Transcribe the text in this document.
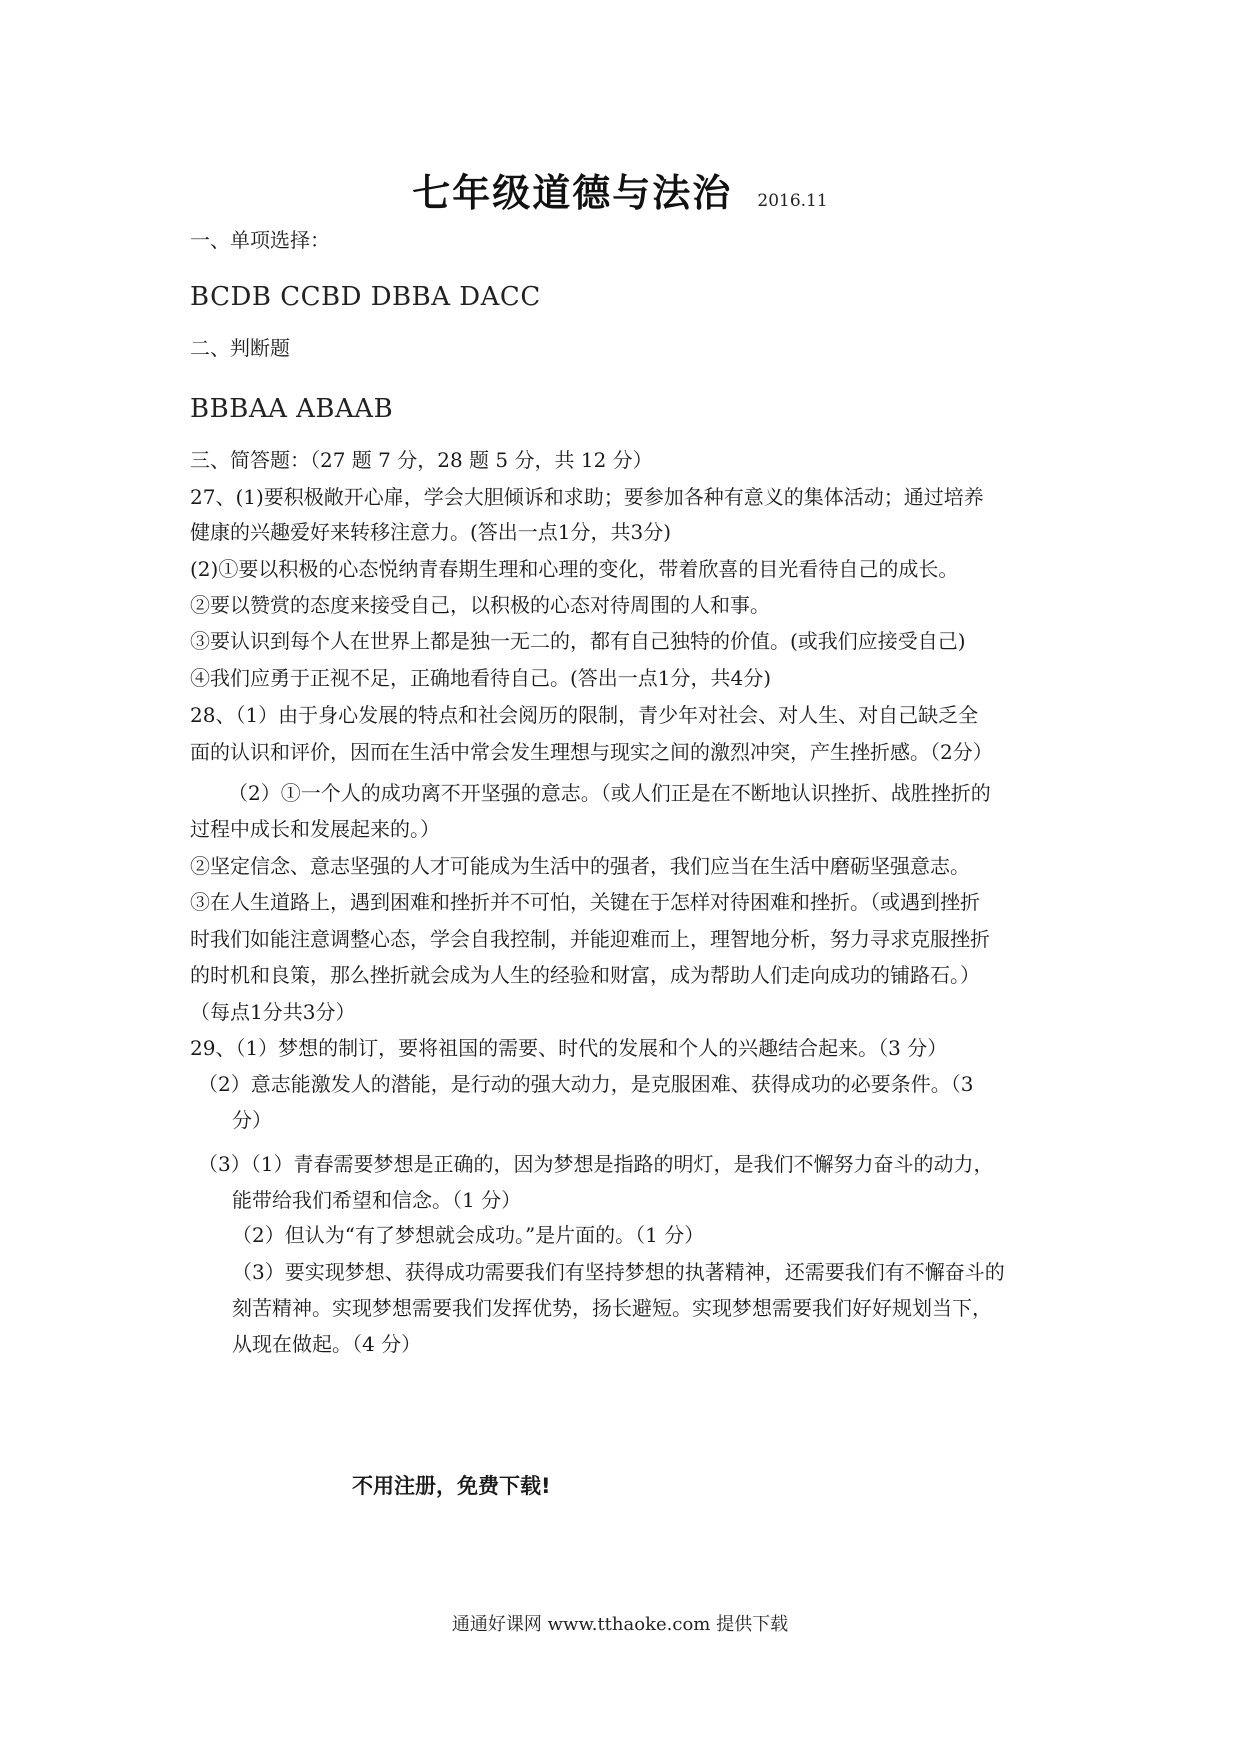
七年级道德与法治 2016.11
一、单项选择：
BCDB CCBD DBBA DACC
二、判断题
BBBAA ABAAB
三、简答题：（27 题 7 分，28 题 5 分，共 12 分）
27、(1)要积极敞开心扉，学会大胆倾诉和求助；要参加各种有意义的集体活动；通过培养
健康的兴趣爱好来转移注意力。(答出一点1分，共3分)
(2)①要以积极的心态悦纳青春期生理和心理的变化，带着欣喜的目光看待自己的成长。
②要以赞赏的态度来接受自己，以积极的心态对待周围的人和事。
③要认识到每个人在世界上都是独一无二的，都有自己独特的价值。(或我们应接受自己)
④我们应勇于正视不足，正确地看待自己。(答出一点1分，共4分)
28、（1）由于身心发展的特点和社会阅历的限制，青少年对社会、对人生、对自己缺乏全
面的认识和评价，因而在生活中常会发生理想与现实之间的激烈冲突，产生挫折感。（2分）
（2）①一个人的成功离不开坚强的意志。（或人们正是在不断地认识挫折、战胜挫折的
过程中成长和发展起来的。）
②坚定信念、意志坚强的人才可能成为生活中的强者，我们应当在生活中磨砺坚强意志。
③在人生道路上，遇到困难和挫折并不可怕，关键在于怎样对待困难和挫折。（或遇到挫折
时我们如能注意调整心态，学会自我控制，并能迎难而上，理智地分析，努力寻求克服挫折
的时机和良策，那么挫折就会成为人生的经验和财富，成为帮助人们走向成功的铺路石。）
（每点1分共3分）
29、（1）梦想的制订，要将祖国的需要、时代的发展和个人的兴趣结合起来。（3 分）
（2）意志能激发人的潜能，是行动的强大动力，是克服困难、获得成功的必要条件。（3
分）
（3）（1）青春需要梦想是正确的，因为梦想是指路的明灯，是我们不懈努力奋斗的动力，
能带给我们希望和信念。（1 分）
（2）但认为“有了梦想就会成功。”是片面的。（1 分）
（3）要实现梦想、获得成功需要我们有坚持梦想的执著精神，还需要我们有不懈奋斗的
刻苦精神。实现梦想需要我们发挥优势，扬长避短。实现梦想需要我们好好规划当下，
从现在做起。（4 分）
不用注册，免费下载!
通通好课网 www.tthaoke.com 提供下载
